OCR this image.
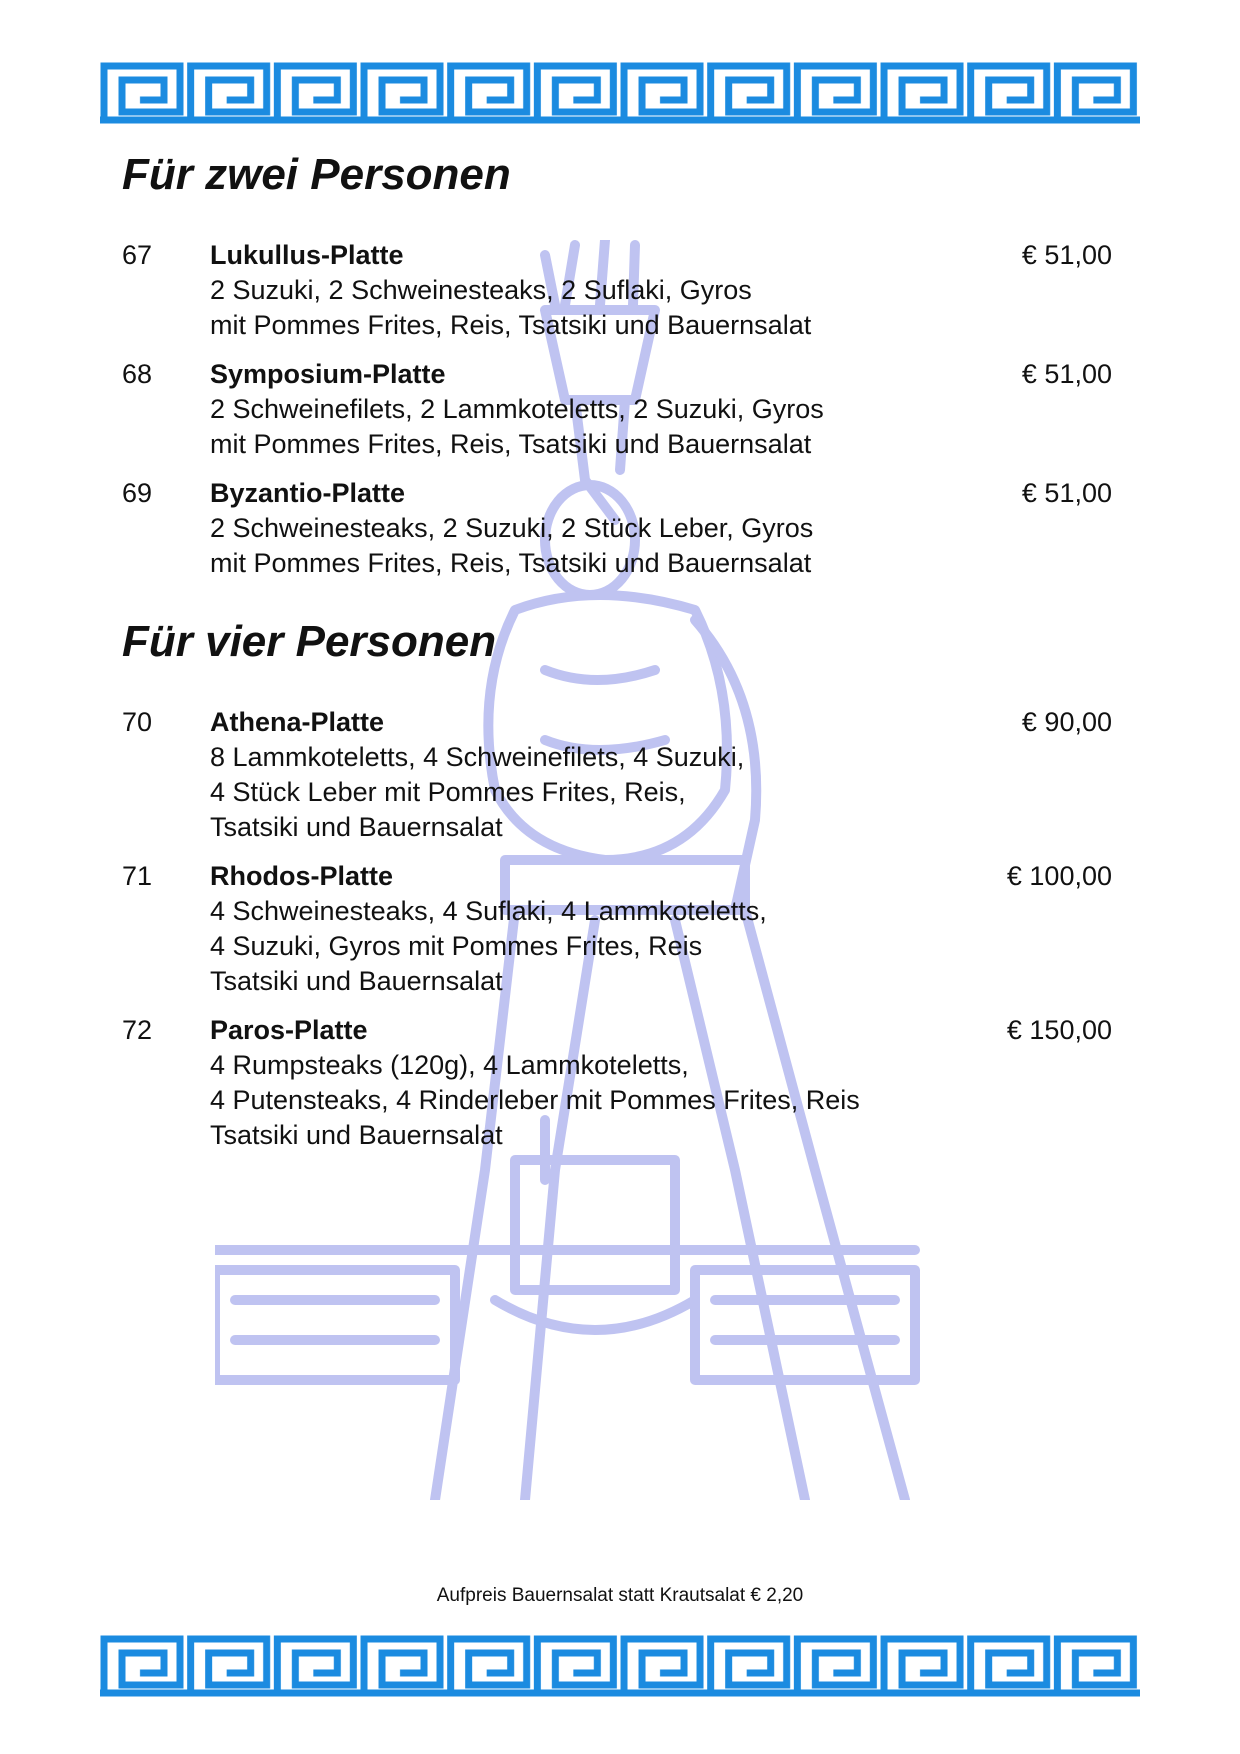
Für zwei Personen
67 Lukullus-Platte	€ 51,00
2 Suzuki, 2 Schweinesteaks, 2 Suflaki, Gyros
mit Pommes Frites, Reis, Tsatsiki und Bauernsalat
68 Symposium-Platte	€ 51,00
2 Schweinefilets, 2 Lammkoteletts, 2 Suzuki, Gyros
mit Pommes Frites, Reis, Tsatsiki und Bauernsalat
69 Byzantio-Platte	€ 51,00
2 Schweinesteaks, 2 Suzuki, 2 Stück Leber, Gyros
mit Pommes Frites, Reis, Tsatsiki und Bauernsalat
Für vier Personen
70 Athena-Platte	€ 90,00
8 Lammkoteletts, 4 Schweinefilets, 4 Suzuki,
4 Stück Leber mit Pommes Frites, Reis,
Tsatsiki und Bauernsalat
71 Rhodos-Platte	€ 100,00
4 Schweinesteaks, 4 Suflaki, 4 Lammkoteletts,
4 Suzuki, Gyros mit Pommes Frites, Reis
Tsatsiki und Bauernsalat
72 Paros-Platte	€ 150,00
4 Rumpsteaks (120g), 4 Lammkoteletts,
4 Putensteaks, 4 Rinderleber mit Pommes Frites, Reis
Tsatsiki und Bauernsalat
Aufpreis Bauernsalat statt Krautsalat € 2,20
